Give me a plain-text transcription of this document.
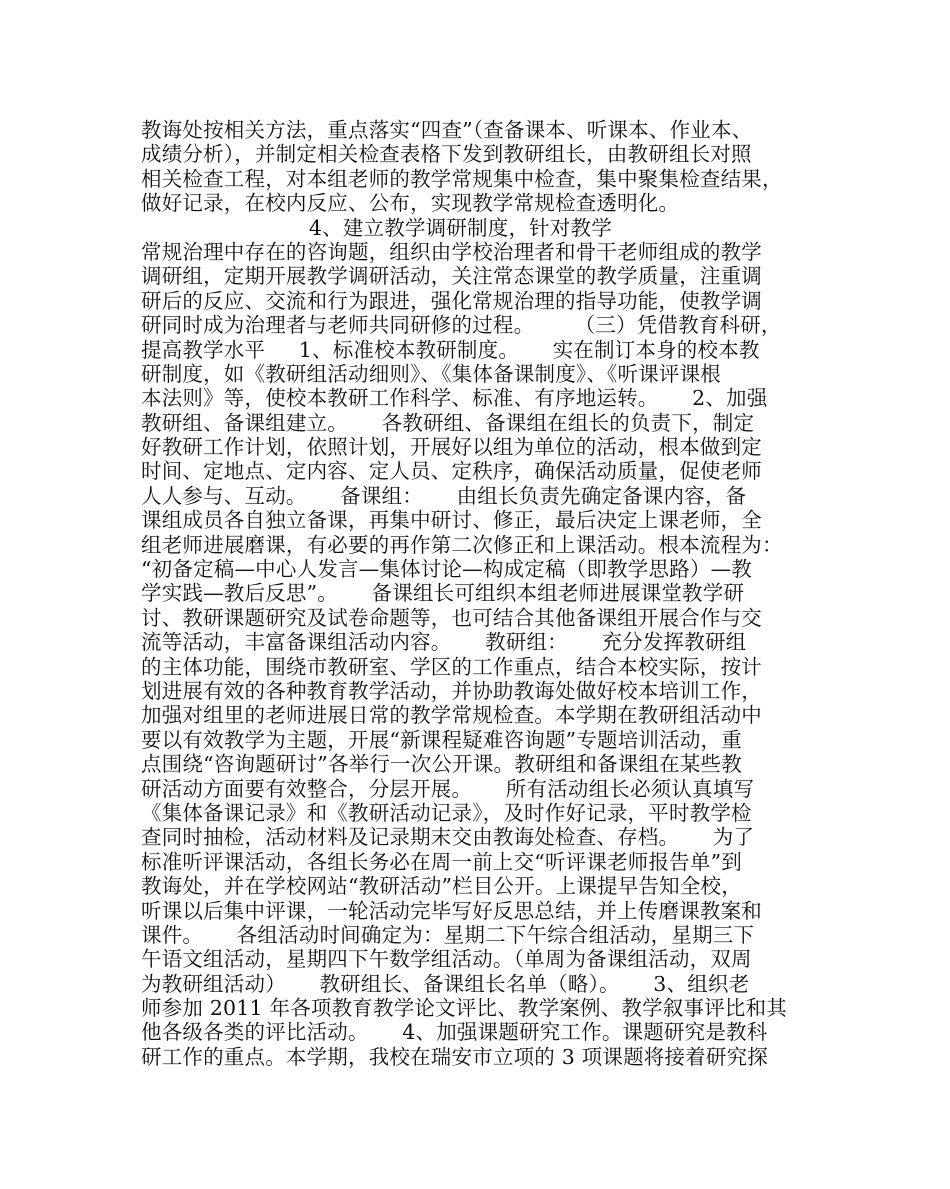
教诲处按相关方法，重点落实“四查”（查备课本、听课本、作业本、
成绩分析），并制定相关检查表格下发到教研组长，由教研组长对照
相关检查工程，对本组老师的教学常规集中检查，集中聚集检查结果，
做好记录，在校内反应、公布，实现教学常规检查透明化。
4、建立教学调研制度，针对教学
常规治理中存在的咨询题，组织由学校治理者和骨干老师组成的教学
调研组，定期开展教学调研活动，关注常态课堂的教学质量，注重调
研后的反应、交流和行为跟进，强化常规治理的指导功能，使教学调
研同时成为治理者与老师共同研修的过程。      （三）凭借教育科研，
提高教学水平     1、标准校本教研制度。     实在制订本身的校本教
研制度，如《教研组活动细则》、《集体备课制度》、《听课评课根
本法则》等，使校本教研工作科学、标准、有序地运转。     2、加强
教研组、备课组建立。     各教研组、备课组在组长的负责下，制定
好教研工作计划，依照计划，开展好以组为单位的活动，根本做到定
时间、定地点、定内容、定人员、定秩序，确保活动质量，促使老师
人人参与、互动。     备课组：     由组长负责先确定备课内容，备
课组成员各自独立备课，再集中研讨、修正，最后决定上课老师，全
组老师进展磨课，有必要的再作第二次修正和上课活动。根本流程为：
“初备定稿—中心人发言—集体讨论—构成定稿（即教学思路）—教
学实践—教后反思”。     备课组长可组织本组老师进展课堂教学研
讨、教研课题研究及试卷命题等，也可结合其他备课组开展合作与交
流等活动，丰富备课组活动内容。     教研组：     充分发挥教研组
的主体功能，围绕市教研室、学区的工作重点，结合本校实际，按计
划进展有效的各种教育教学活动，并协助教诲处做好校本培训工作，
加强对组里的老师进展日常的教学常规检查。本学期在教研组活动中
要以有效教学为主题，开展“新课程疑难咨询题”专题培训活动，重
点围绕“咨询题研讨”各举行一次公开课。教研组和备课组在某些教
研活动方面要有效整合，分层开展。     所有活动组长必须认真填写
《集体备课记录》和《教研活动记录》，及时作好记录，平时教学检
查同时抽检，活动材料及记录期末交由教诲处检查、存档。     为了
标准听评课活动，各组长务必在周一前上交“听评课老师报告单”到
教诲处，并在学校网站“教研活动”栏目公开。上课提早告知全校，
听课以后集中评课，一轮活动完毕写好反思总结，并上传磨课教案和
课件。     各组活动时间确定为：星期二下午综合组活动，星期三下
午语文组活动，星期四下午数学组活动。（单周为备课组活动，双周
为教研组活动）     教研组长、备课组长名单（略）。     3、组织老
师参加 2011 年各项教育教学论文评比、教学案例、教学叙事评比和其
他各级各类的评比活动。     4、加强课题研究工作。课题研究是教科
研工作的重点。本学期，我校在瑞安市立项的 3 项课题将接着研究探
